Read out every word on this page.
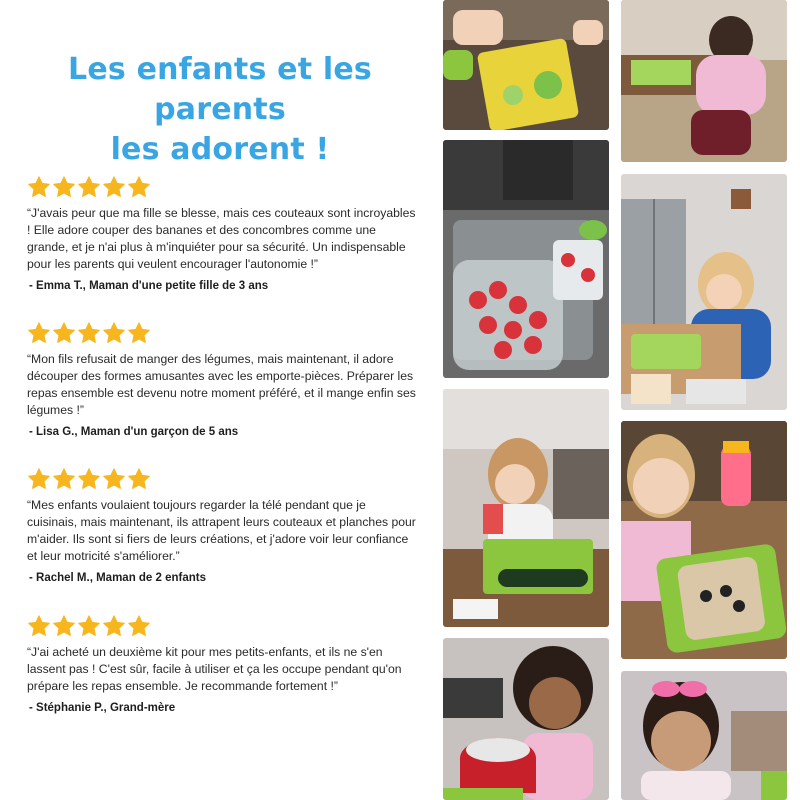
Les enfants et les parents
les adorent !

“J'avais peur que ma fille se blesse, mais ces couteaux sont incroyables ! Elle adore couper des bananes et des concombres comme une grande, et je n'ai plus à m'inquiéter pour sa sécurité. Un indispensable pour les parents qui veulent encourager l'autonomie !”

- Emma T., Maman d'une petite fille de 3 ans

“Mon fils refusait de manger des légumes, mais maintenant, il adore découper des formes amusantes avec les emporte-pièces. Préparer les repas ensemble est devenu notre moment préféré, et il mange enfin ses légumes !”

- Lisa G., Maman d'un garçon de 5 ans

“Mes enfants voulaient toujours regarder la télé pendant que je cuisinais, mais maintenant, ils attrapent leurs couteaux et planches pour m'aider. Ils sont si fiers de leurs créations, et j'adore voir leur confiance et leur motricité s'améliorer.”

- Rachel M., Maman de 2 enfants

“J'ai acheté un deuxième kit pour mes petits-enfants, et ils ne s'en lassent pas ! C'est sûr, facile à utiliser et ça les occupe pendant qu'on prépare les repas ensemble. Je recommande fortement !”

- Stéphanie P., Grand-mère
